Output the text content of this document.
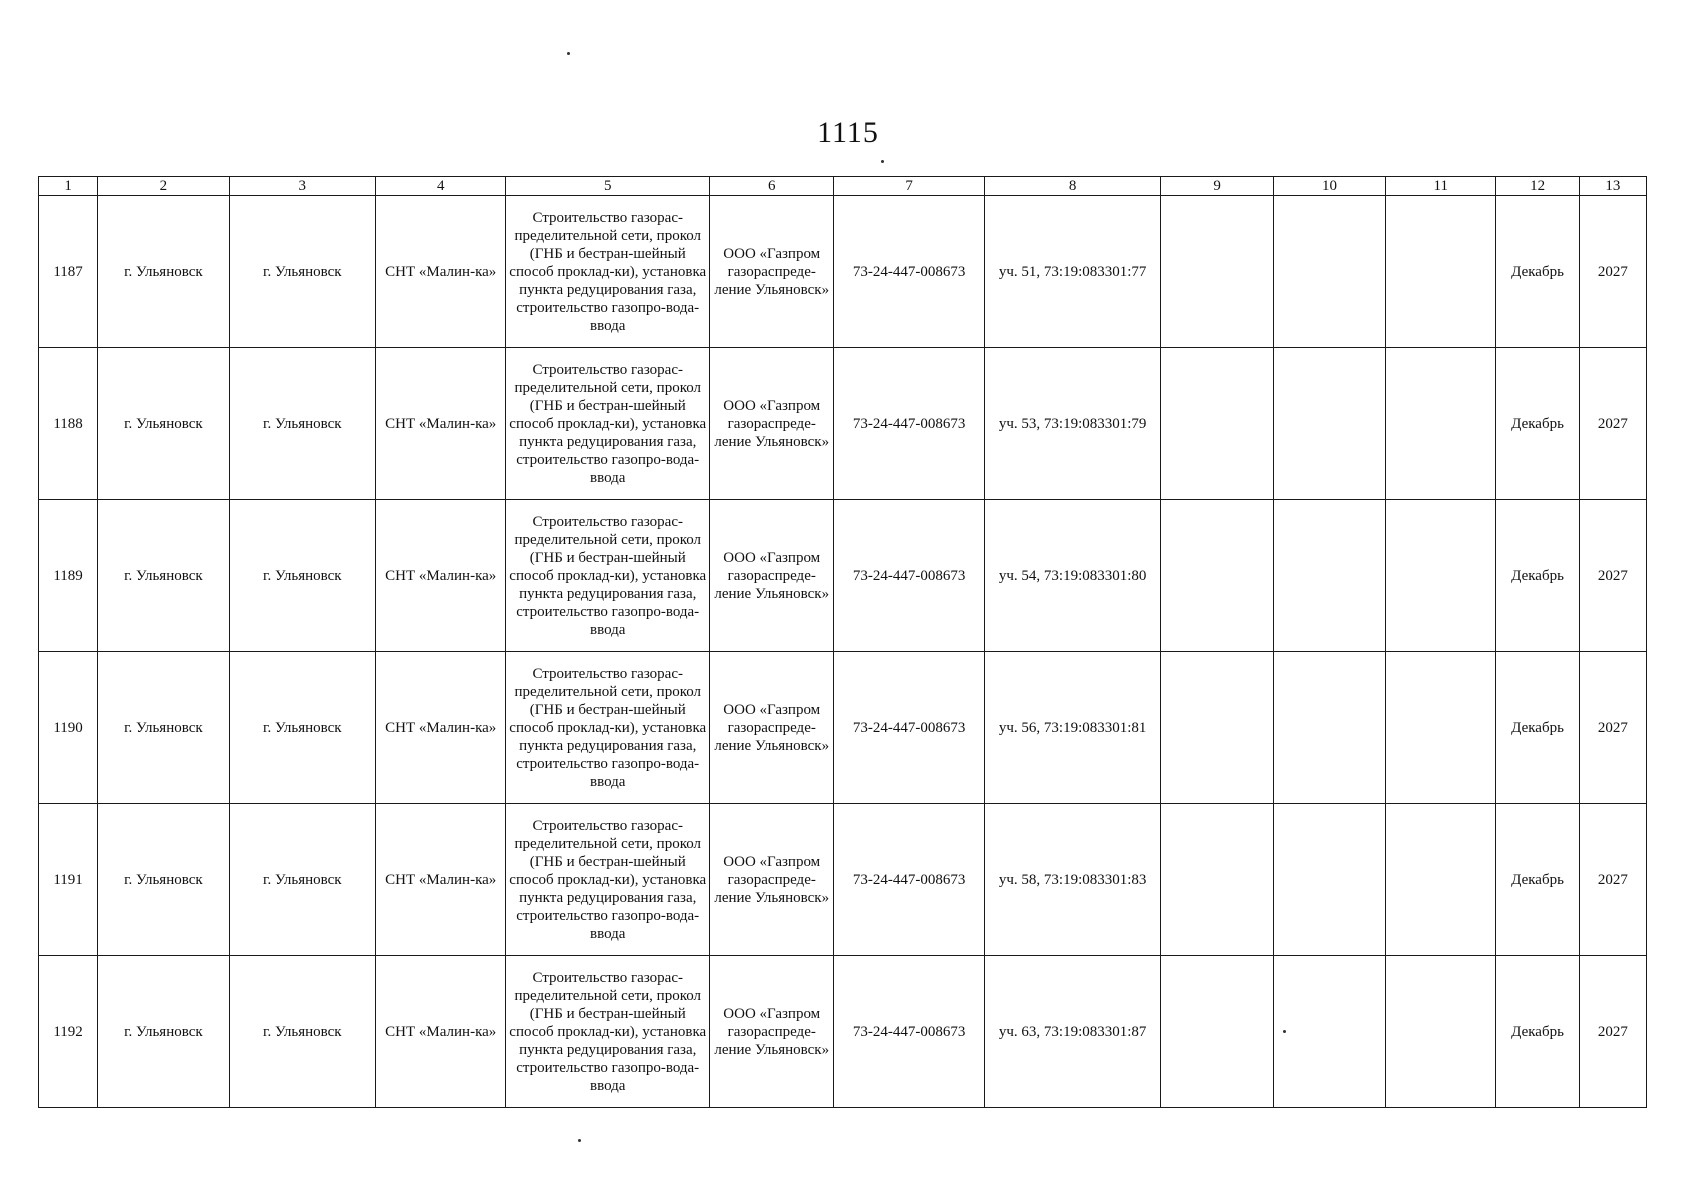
1115
1	2	3	4	5	6	7	8	9	10	11	12	13
1187	г. Ульяновск	г. Ульяновск	СНТ «Малин-ка»	Строительство газорас-пределительной сети, прокол (ГНБ и бестран-шейный способ проклад-ки), установка пункта редуцирования газа, строительство газопро-вода-ввода	ООО «Газпром газораспреде-ление Ульяновск»	73-24-447-008673	уч. 51, 73:19:083301:77				Декабрь	2027
1188	г. Ульяновск	г. Ульяновск	СНТ «Малин-ка»	Строительство газорас-пределительной сети, прокол (ГНБ и бестран-шейный способ проклад-ки), установка пункта редуцирования газа, строительство газопро-вода-ввода	ООО «Газпром газораспреде-ление Ульяновск»	73-24-447-008673	уч. 53, 73:19:083301:79				Декабрь	2027
1189	г. Ульяновск	г. Ульяновск	СНТ «Малин-ка»	Строительство газорас-пределительной сети, прокол (ГНБ и бестран-шейный способ проклад-ки), установка пункта редуцирования газа, строительство газопро-вода-ввода	ООО «Газпром газораспреде-ление Ульяновск»	73-24-447-008673	уч. 54, 73:19:083301:80				Декабрь	2027
1190	г. Ульяновск	г. Ульяновск	СНТ «Малин-ка»	Строительство газорас-пределительной сети, прокол (ГНБ и бестран-шейный способ проклад-ки), установка пункта редуцирования газа, строительство газопро-вода-ввода	ООО «Газпром газораспреде-ление Ульяновск»	73-24-447-008673	уч. 56, 73:19:083301:81				Декабрь	2027
1191	г. Ульяновск	г. Ульяновск	СНТ «Малин-ка»	Строительство газорас-пределительной сети, прокол (ГНБ и бестран-шейный способ проклад-ки), установка пункта редуцирования газа, строительство газопро-вода-ввода	ООО «Газпром газораспреде-ление Ульяновск»	73-24-447-008673	уч. 58, 73:19:083301:83				Декабрь	2027
1192	г. Ульяновск	г. Ульяновск	СНТ «Малин-ка»	Строительство газорас-пределительной сети, прокол (ГНБ и бестран-шейный способ проклад-ки), установка пункта редуцирования газа, строительство газопро-вода-ввода	ООО «Газпром газораспреде-ление Ульяновск»	73-24-447-008673	уч. 63, 73:19:083301:87				Декабрь	2027
